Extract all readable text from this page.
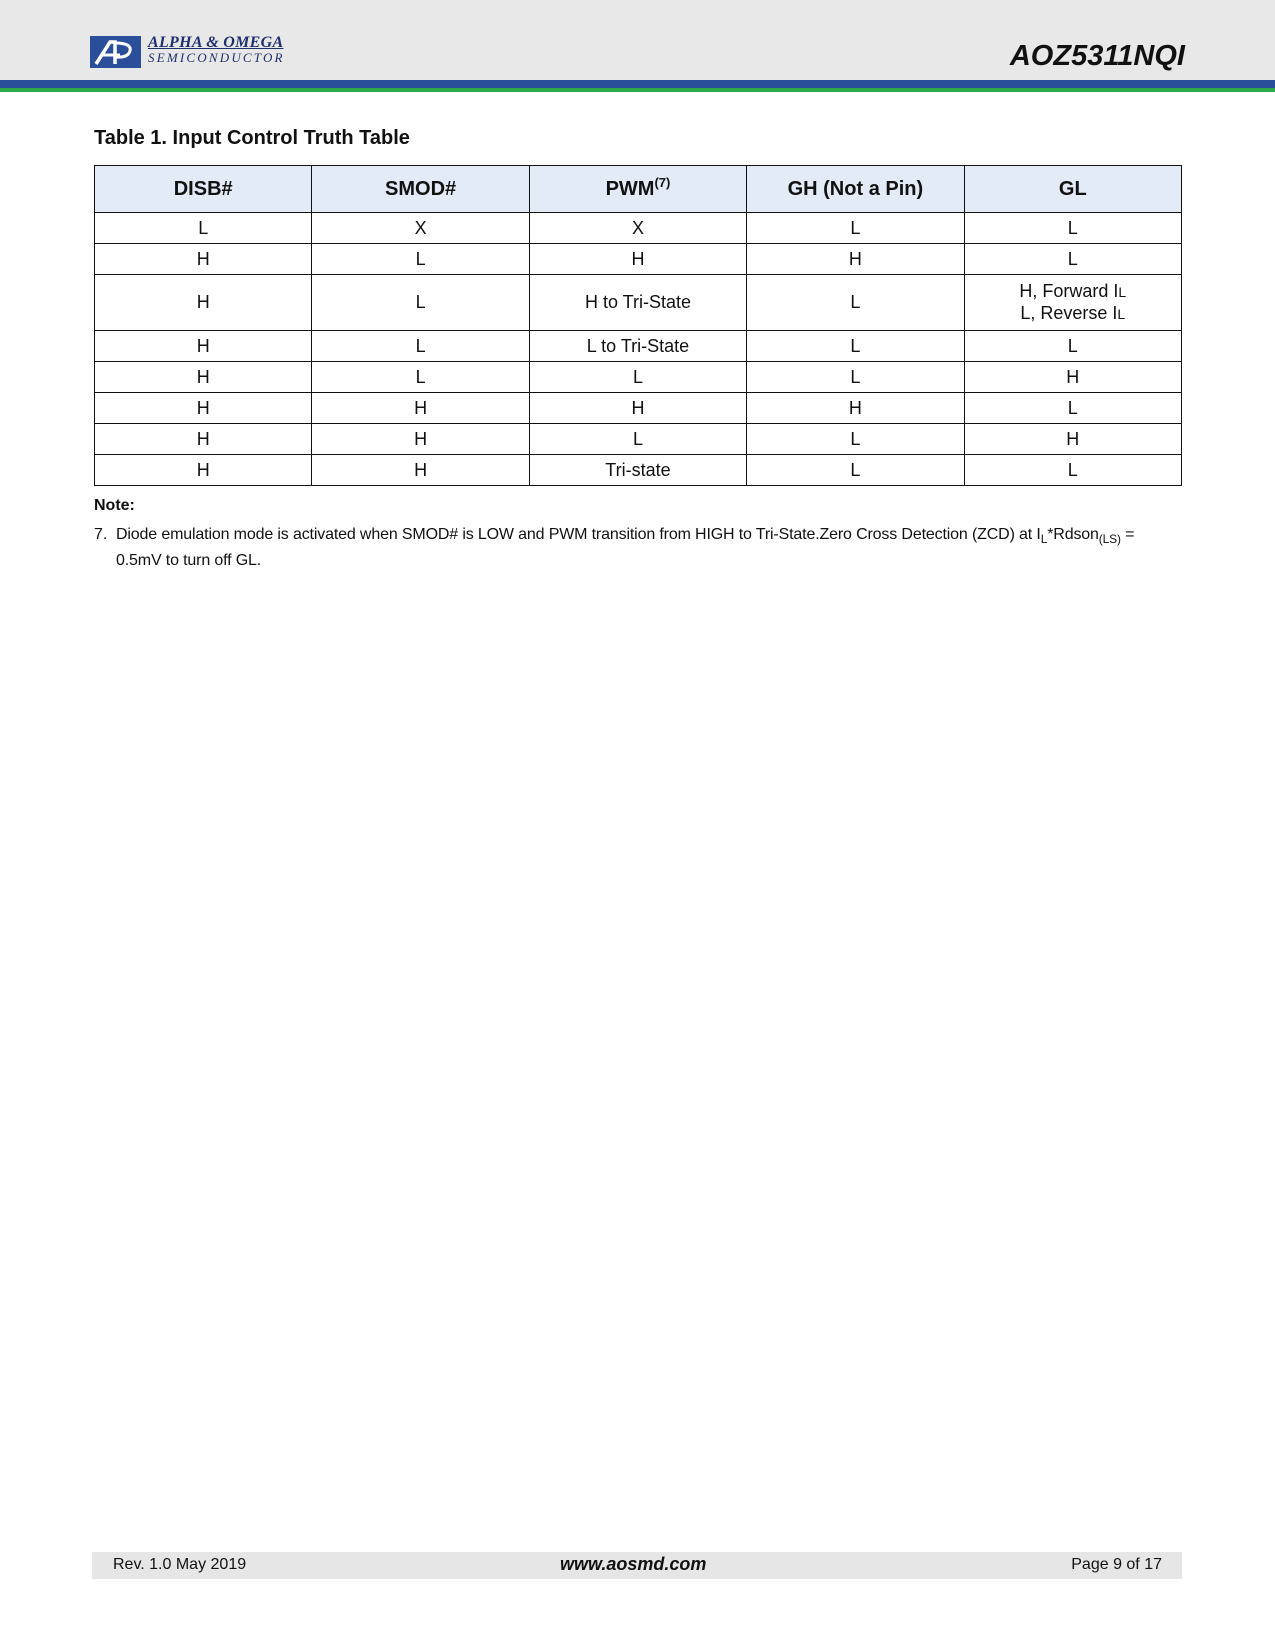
ALPHA & OMEGA
SEMICONDUCTOR	AOZ5311NQI
Table 1. Input Control Truth Table
DISB#	SMOD#	PWM$^{(7)}$	GH (Not a Pin)	GL
L	X	X	L	L
H	L	H	H	L
H	L	H to Tri-State	L	H, Forward IL
L, Reverse IL

H	L	L to Tri-State	L	L
H	L	L	L	H
H	H	H	H	L
H	H	L	L	H
H	H	Tri-state	L	L
Note:
7. Diode emulation mode is activated when SMOD# is LOW and PWM transition from HIGH to Tri-State.Zero Cross Detection (ZCD) at $I_L*Rdson_{(LS)} = 0.5mV$ to turn off GL.
Rev. 1.0 May 2019	www.aosmd.com	Page 9 of 17
